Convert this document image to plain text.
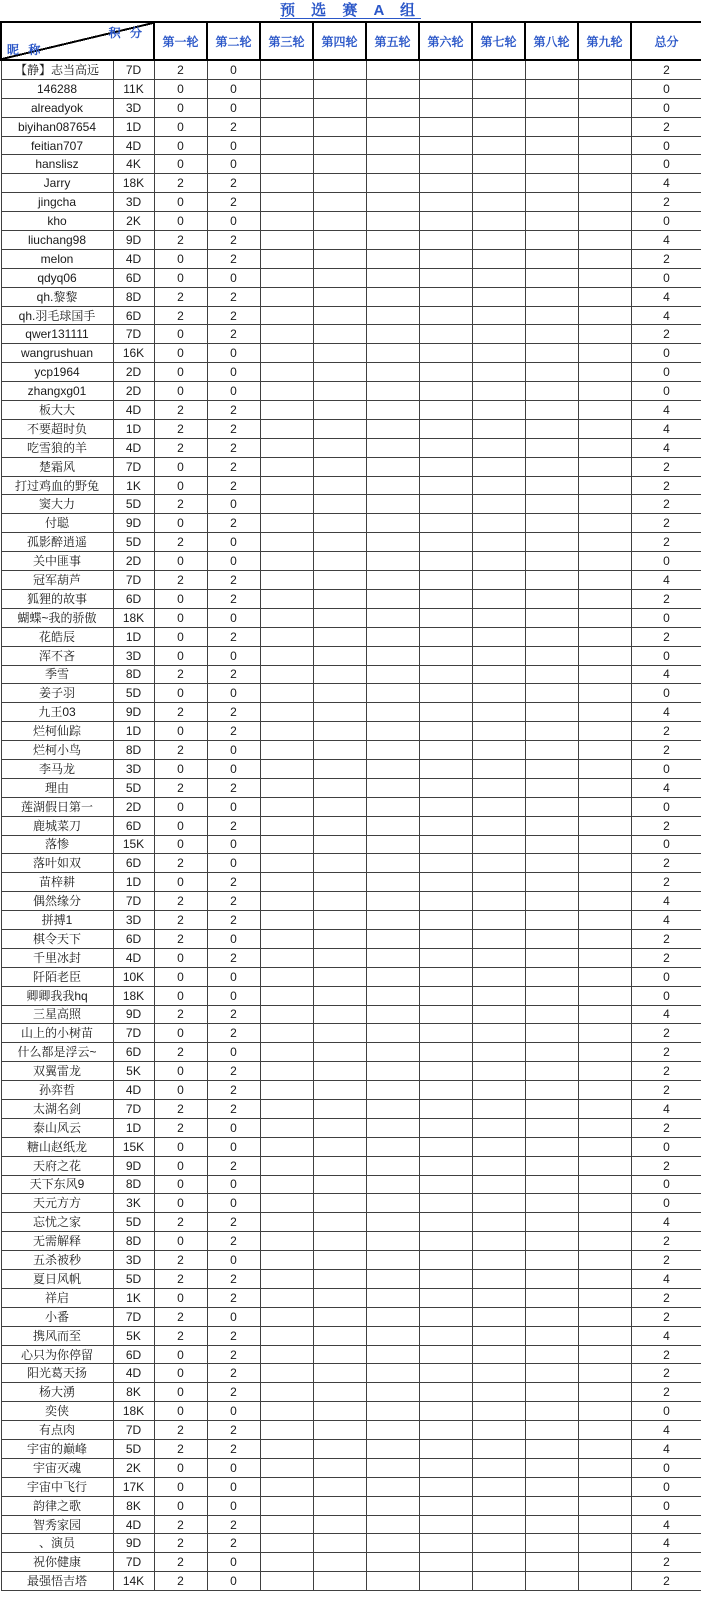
预 选 赛 A 组
积 分
昵 称		第一轮	第二轮	第三轮	第四轮	第五轮	第六轮	第七轮	第八轮	第九轮	总分
【静】志当高远	7D	2	0								2
146288	11K	0	0								0
alreadyok	3D	0	0								0
biyihan087654	1D	0	2								2
feitian707	4D	0	0								0
hanslisz	4K	0	0								0
Jarry	18K	2	2								4
jingcha	3D	0	2								2
kho	2K	0	0								0
liuchang98	9D	2	2								4
melon	4D	0	2								2
qdyq06	6D	0	0								0
qh.黎黎	8D	2	2								4
qh.羽毛球国手	6D	2	2								4
qwer131111	7D	0	2								2
wangrushuan	16K	0	0								0
ycp1964	2D	0	0								0
zhangxg01	2D	0	0								0
板大大	4D	2	2								4
不要超时负	1D	2	2								4
吃雪狼的羊	4D	2	2								4
楚霜风	7D	0	2								2
打过鸡血的野兔	1K	0	2								2
窦大力	5D	2	0								2
付聪	9D	0	2								2
孤影醉逍遥	5D	2	0								2
关中匪事	2D	0	0								0
冠军葫芦	7D	2	2								4
狐狸的故事	6D	0	2								2
蝴蝶~我的骄傲	18K	0	0								0
花皓辰	1D	0	2								2
浑不吝	3D	0	0								0
季雪	8D	2	2								4
姜子羽	5D	0	0								0
九王03	9D	2	2								4
烂柯仙踪	1D	0	2								2
烂柯小鸟	8D	2	0								2
李马龙	3D	0	0								0
理由	5D	2	2								4
莲湖假日第一	2D	0	0								0
鹿城菜刀	6D	0	2								2
落惨	15K	0	0								0
落叶如双	6D	2	0								2
苗梓耕	1D	0	2								2
偶然缘分	7D	2	2								4
拼搏1	3D	2	2								4
棋令天下	6D	2	0								2
千里冰封	4D	0	2								2
阡陌老臣	10K	0	0								0
卿卿我我hq	18K	0	0								0
三星高照	9D	2	2								4
山上的小树苗	7D	0	2								2
什么都是浮云~	6D	2	0								2
双翼雷龙	5K	0	2								2
孙弈哲	4D	0	2								2
太湖名剑	7D	2	2								4
泰山风云	1D	2	0								2
糖山赵纸龙	15K	0	0								0
天府之花	9D	0	2								2
天下东风9	8D	0	0								0
天元方方	3K	0	0								0
忘忧之家	5D	2	2								4
无需解释	8D	0	2								2
五杀被秒	3D	2	0								2
夏日风帆	5D	2	2								4
祥启	1K	0	2								2
小番	7D	2	0								2
携风而至	5K	2	2								4
心只为你停留	6D	0	2								2
阳光葛天扬	4D	0	2								2
杨大湧	8K	0	2								2
奕侠	18K	0	0								0
有点肉	7D	2	2								4
宇宙的巅峰	5D	2	2								4
宇宙灭魂	2K	0	0								0
宇宙中飞行	17K	0	0								0
韵律之歌	8K	0	0								0
智秀家园	4D	2	2								4
、演员	9D	2	2								4
祝你健康	7D	2	0								2
最强悟吉塔	14K	2	0								2
